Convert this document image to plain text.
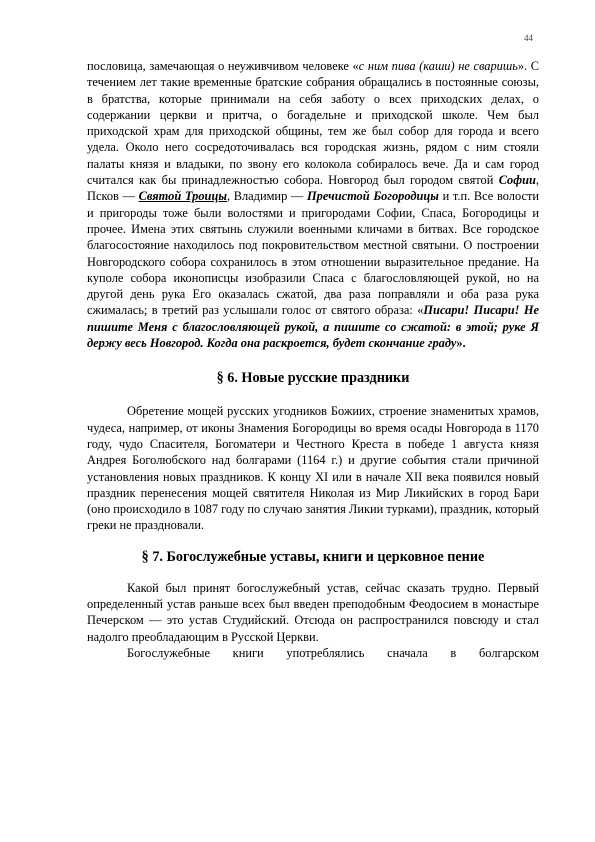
44

пословица, замечающая о неуживчивом человеке «с ним пива (каши) не сваришь». С течением лет такие временные братские собрания обращались в постоянные союзы, в братства, которые принимали на себя заботу о всех приходских делах, о содержании церкви и притча, о богадельне и приходской школе. Чем был приходской храм для приходской общины, тем же был собор для города и всего удела. Около него сосредоточивалась вся городская жизнь, рядом с ним стояли палаты князя и владыки, по звону его колокола собиралось вече. Да и сам город считался как бы принадлежностью собора. Новгород был городом святой Софии, Псков — Святой Троицы, Владимир — Пречистой Богородицы и т.п. Все волости и пригороды тоже были волостями и пригородами Софии, Спаса, Богородицы и прочее. Имена этих святынь служили военными кличами в битвах. Все городское благосостояние находилось под покровительством местной святыни. О построении Новгородского собора сохранилось в этом отношении выразительное предание. На куполе собора иконописцы изобразили Спаса с благословляющей рукой, но на другой день рука Его оказалась сжатой, два раза поправляли и оба раза рука сжималась; в третий раз услышали голос от святого образа: «Писари! Писари! Не пишите Меня с благословляющей рукой, а пишите со сжатой: в этой; руке Я держу весь Новгород. Когда она раскроется, будет скончание граду».

§ 6. Новые русские праздники

Обретение мощей русских угодников Божиих, строение знаменитых храмов, чудеса, например, от иконы Знамения Богородицы во время осады Новгорода в 1170 году, чудо Спасителя, Богоматери и Честного Креста в победе 1 августа князя Андрея Боголюбского над болгарами (1164 г.) и другие события стали причиной установления новых праздников. К концу XI или в начале XII века появился новый праздник перенесения мощей святителя Николая из Мир Ликийских в город Бари (оно происходило в 1087 году по случаю занятия Ликии турками), праздник, который греки не праздновали.

§ 7. Богослужебные уставы, книги и церковное пение

Какой был принят богослужебный устав, сейчас сказать трудно. Первый определенный устав раньше всех был введен преподобным Феодосием в монастыре Печерском — это устав Студийский. Отсюда он распространился повсюду и стал надолго преобладающим в Русской Церкви.

Богослужебные книги употреблялись сначала в болгарском
